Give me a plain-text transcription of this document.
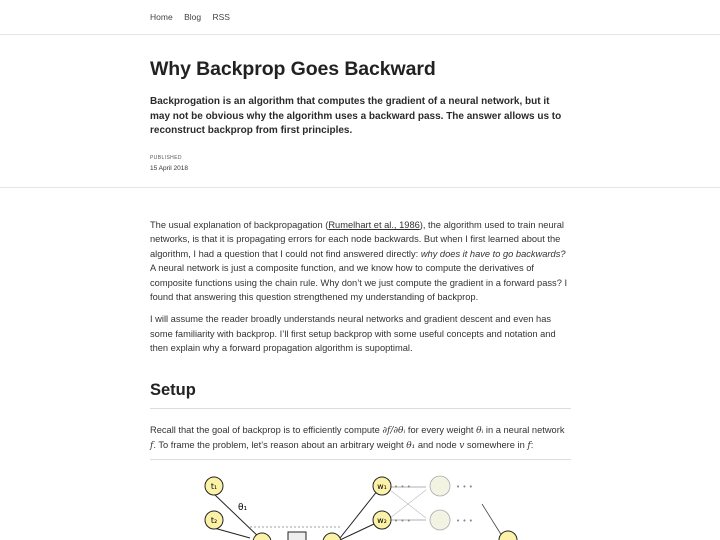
Home Blog RSS
Why Backprop Goes Backward

Backprogation is an algorithm that computes the gradient of a neural network, but it may not be obvious why the algorithm uses a backward pass. The answer allows us to reconstruct backprop from first principles.

PUBLISHED
15 April 2018

The usual explanation of backpropagation (Rumelhart et al., 1986), the algorithm used to train neural networks, is that it is propagating errors for each node backwards. But when I first learned about the algorithm, I had a question that I could not find answered directly: why does it have to go backwards? A neural network is just a composite function, and we know how to compute the derivatives of composite functions using the chain rule. Why don’t we just compute the gradient in a forward pass? I found that answering this question strengthened my understanding of backprop.

I will assume the reader broadly understands neural networks and gradient descent and even has some familiarity with backprop. I’ll first setup backprop with some useful concepts and notation and then explain why a forward propagation algorithm is supoptimal.

Setup
Recall that the goal of backprop is to efficiently compute ∂f/∂θᵢ for every weight θᵢ in a neural network f. To frame the problem, let’s reason about an arbitrary weight θ₁ and node v somewhere in f:
t₁
t₂
θ₁
w₁
w₂
• • •
• • •
• • •
• • •
